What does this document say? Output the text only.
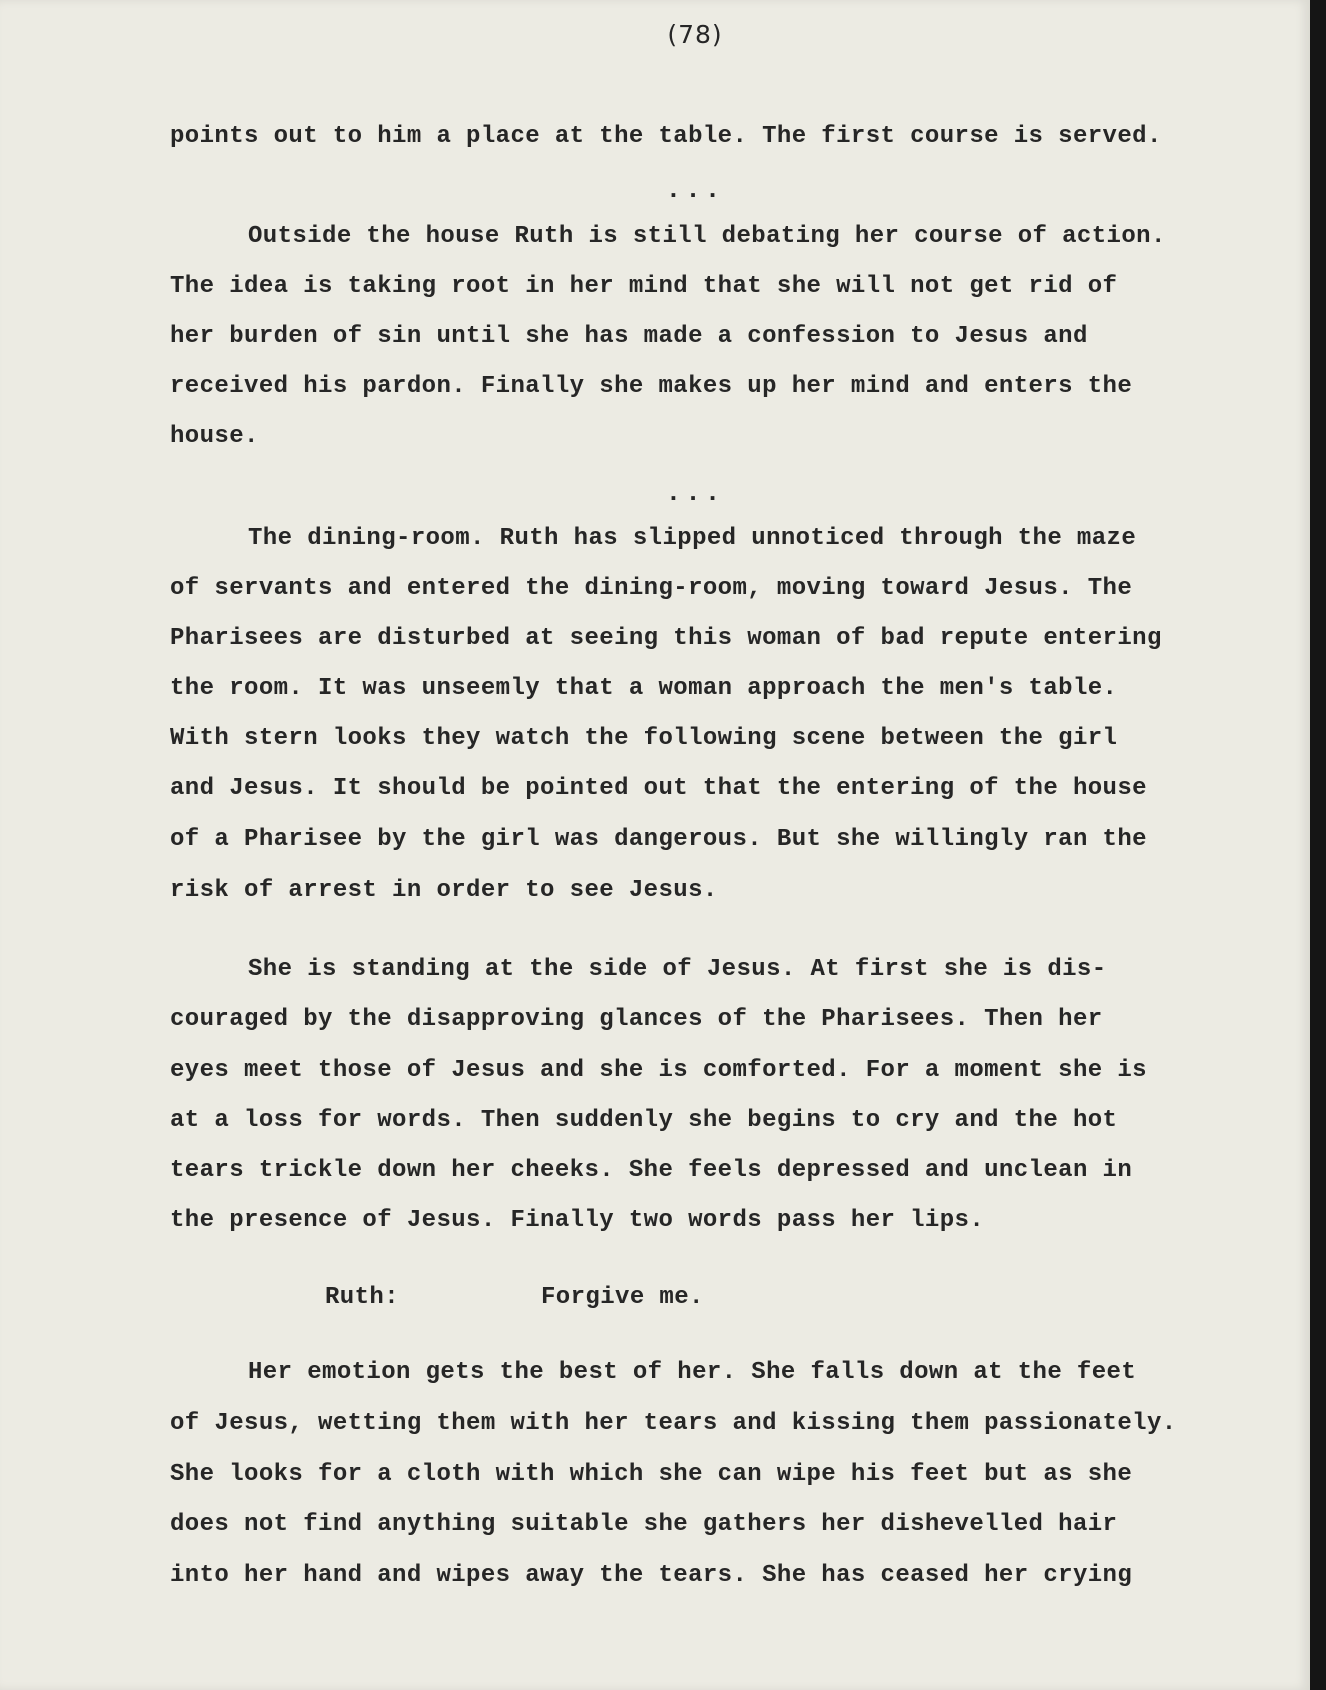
(78)
points out to him a place at the table. The first course is served.
...
Outside the house Ruth is still debating her course of action.
The idea is taking root in her mind that she will not get rid of
her burden of sin until she has made a confession to Jesus and
received his pardon. Finally she makes up her mind and enters the
house.
...
The dining-room. Ruth has slipped unnoticed through the maze
of servants and entered the dining-room, moving toward Jesus. The
Pharisees are disturbed at seeing this woman of bad repute entering
the room. It was unseemly that a woman approach the men's table.
With stern looks they watch the following scene between the girl
and Jesus. It should be pointed out that the entering of the house
of a Pharisee by the girl was dangerous. But she willingly ran the
risk of arrest in order to see Jesus.
She is standing at the side of Jesus. At first she is dis-
couraged by the disapproving glances of the Pharisees. Then her
eyes meet those of Jesus and she is comforted. For a moment she is
at a loss for words. Then suddenly she begins to cry and the hot
tears trickle down her cheeks. She feels depressed and unclean in
the presence of Jesus. Finally two words pass her lips.
Ruth:	Forgive me.
Her emotion gets the best of her. She falls down at the feet
of Jesus, wetting them with her tears and kissing them passionately.
She looks for a cloth with which she can wipe his feet but as she
does not find anything suitable she gathers her dishevelled hair
into her hand and wipes away the tears. She has ceased her crying
